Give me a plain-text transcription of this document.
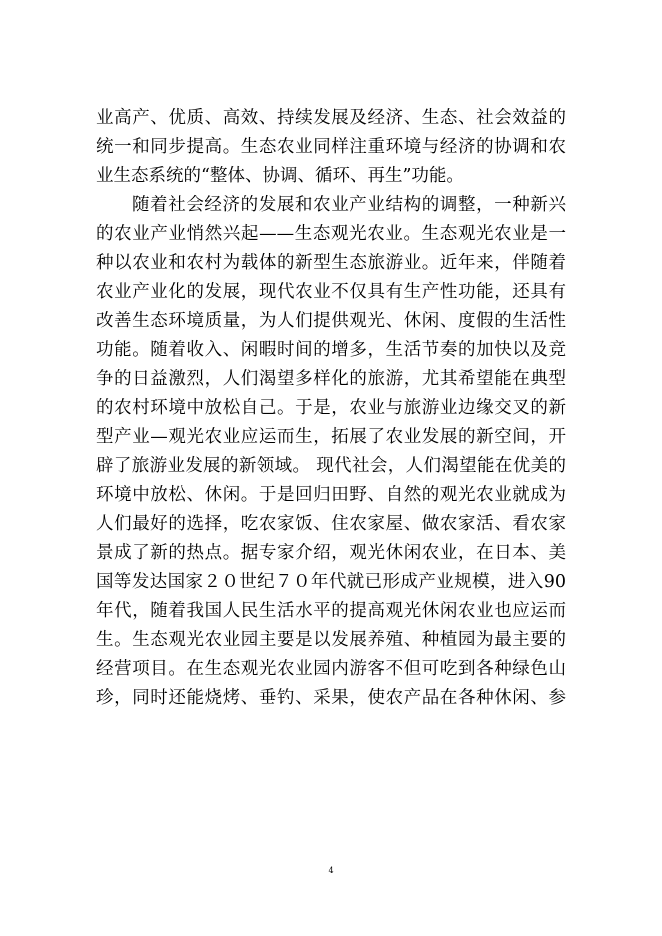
业高产、优质、高效、持续发展及经济、生态、社会效益的
统一和同步提高。生态农业同样注重环境与经济的协调和农
业生态系统的“整体、协调、循环、再生”功能。
随着社会经济的发展和农业产业结构的调整，一种新兴
的农业产业悄然兴起——生态观光农业。生态观光农业是一
种以农业和农村为载体的新型生态旅游业。近年来，伴随着
农业产业化的发展，现代农业不仅具有生产性功能，还具有
改善生态环境质量，为人们提供观光、休闲、度假的生活性
功能。随着收入、闲暇时间的增多，生活节奏的加快以及竞
争的日益激烈，人们渴望多样化的旅游，尤其希望能在典型
的农村环境中放松自己。于是，农业与旅游业边缘交叉的新
型产业—观光农业应运而生，拓展了农业发展的新空间，开
辟了旅游业发展的新领域。 现代社会，人们渴望能在优美的
环境中放松、休闲。于是回归田野、自然的观光农业就成为
人们最好的选择，吃农家饭、住农家屋、做农家活、看农家
景成了新的热点。据专家介绍，观光休闲农业，在日本、美
国等发达国家２０世纪７０年代就已形成产业规模，进入90
年代，随着我国人民生活水平的提高观光休闲农业也应运而
生。生态观光农业园主要是以发展养殖、种植园为最主要的
经营项目。在生态观光农业园内游客不但可吃到各种绿色山
珍，同时还能烧烤、垂钓、采果，使农产品在各种休闲、参
4
